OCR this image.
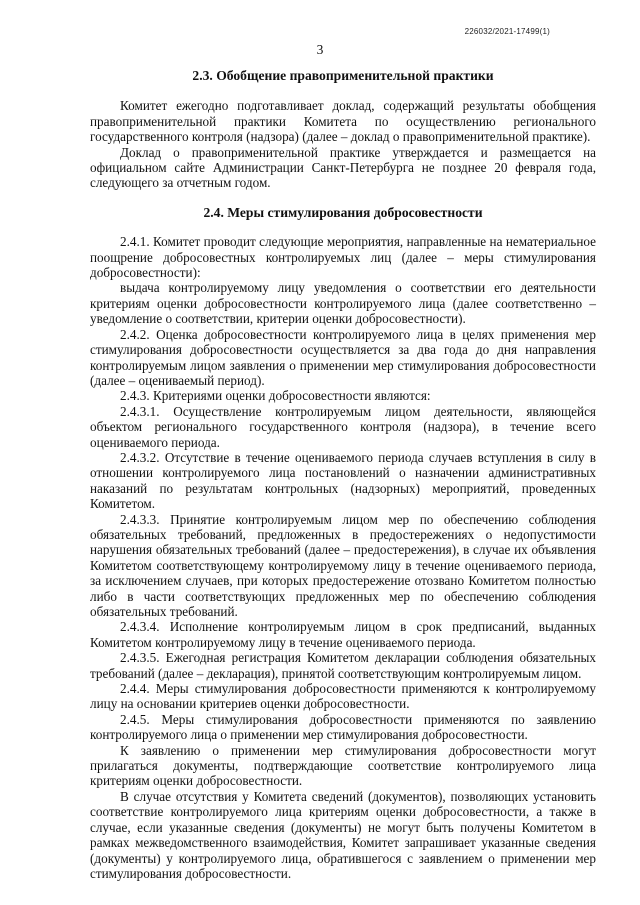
226032/2021-17499(1)
3

2.3. Обобщение правоприменительной практики

Комитет ежегодно подготавливает доклад, содержащий результаты обобщения правоприменительной практики Комитета по осуществлению регионального государственного контроля (надзора) (далее – доклад о правоприменительной практике).

Доклад о правоприменительной практике утверждается и размещается на официальном сайте Администрации Санкт-Петербурга не позднее 20 февраля года, следующего за отчетным годом.

2.4. Меры стимулирования добросовестности

2.4.1. Комитет проводит следующие мероприятия, направленные на нематериальное поощрение добросовестных контролируемых лиц (далее – меры стимулирования добросовестности):

выдача контролируемому лицу уведомления о соответствии его деятельности критериям оценки добросовестности контролируемого лица (далее соответственно – уведомление о соответствии, критерии оценки добросовестности).

2.4.2. Оценка добросовестности контролируемого лица в целях применения мер стимулирования добросовестности осуществляется за два года до дня направления контролируемым лицом заявления о применении мер стимулирования добросовестности (далее – оцениваемый период).

2.4.3. Критериями оценки добросовестности являются:

2.4.3.1. Осуществление контролируемым лицом деятельности, являющейся объектом регионального государственного контроля (надзора), в течение всего оцениваемого периода.

2.4.3.2. Отсутствие в течение оцениваемого периода случаев вступления в силу в отношении контролируемого лица постановлений о назначении административных наказаний по результатам контрольных (надзорных) мероприятий, проведенных Комитетом.

2.4.3.3. Принятие контролируемым лицом мер по обеспечению соблюдения обязательных требований, предложенных в предостережениях о недопустимости нарушения обязательных требований (далее – предостережения), в случае их объявления Комитетом соответствующему контролируемому лицу в течение оцениваемого периода, за исключением случаев, при которых предостережение отозвано Комитетом полностью либо в части соответствующих предложенных мер по обеспечению соблюдения обязательных требований.

2.4.3.4. Исполнение контролируемым лицом в срок предписаний, выданных Комитетом контролируемому лицу в течение оцениваемого периода.

2.4.3.5. Ежегодная регистрация Комитетом декларации соблюдения обязательных требований (далее – декларация), принятой соответствующим контролируемым лицом.

2.4.4. Меры стимулирования добросовестности применяются к контролируемому лицу на основании критериев оценки добросовестности.

2.4.5. Меры стимулирования добросовестности применяются по заявлению контролируемого лица о применении мер стимулирования добросовестности.

К заявлению о применении мер стимулирования добросовестности могут прилагаться документы, подтверждающие соответствие контролируемого лица критериям оценки добросовестности.

В случае отсутствия у Комитета сведений (документов), позволяющих установить соответствие контролируемого лица критериям оценки добросовестности, а также в случае, если указанные сведения (документы) не могут быть получены Комитетом в рамках межведомственного взаимодействия, Комитет запрашивает указанные сведения (документы) у контролируемого лица, обратившегося с заявлением о применении мер стимулирования добросовестности.
